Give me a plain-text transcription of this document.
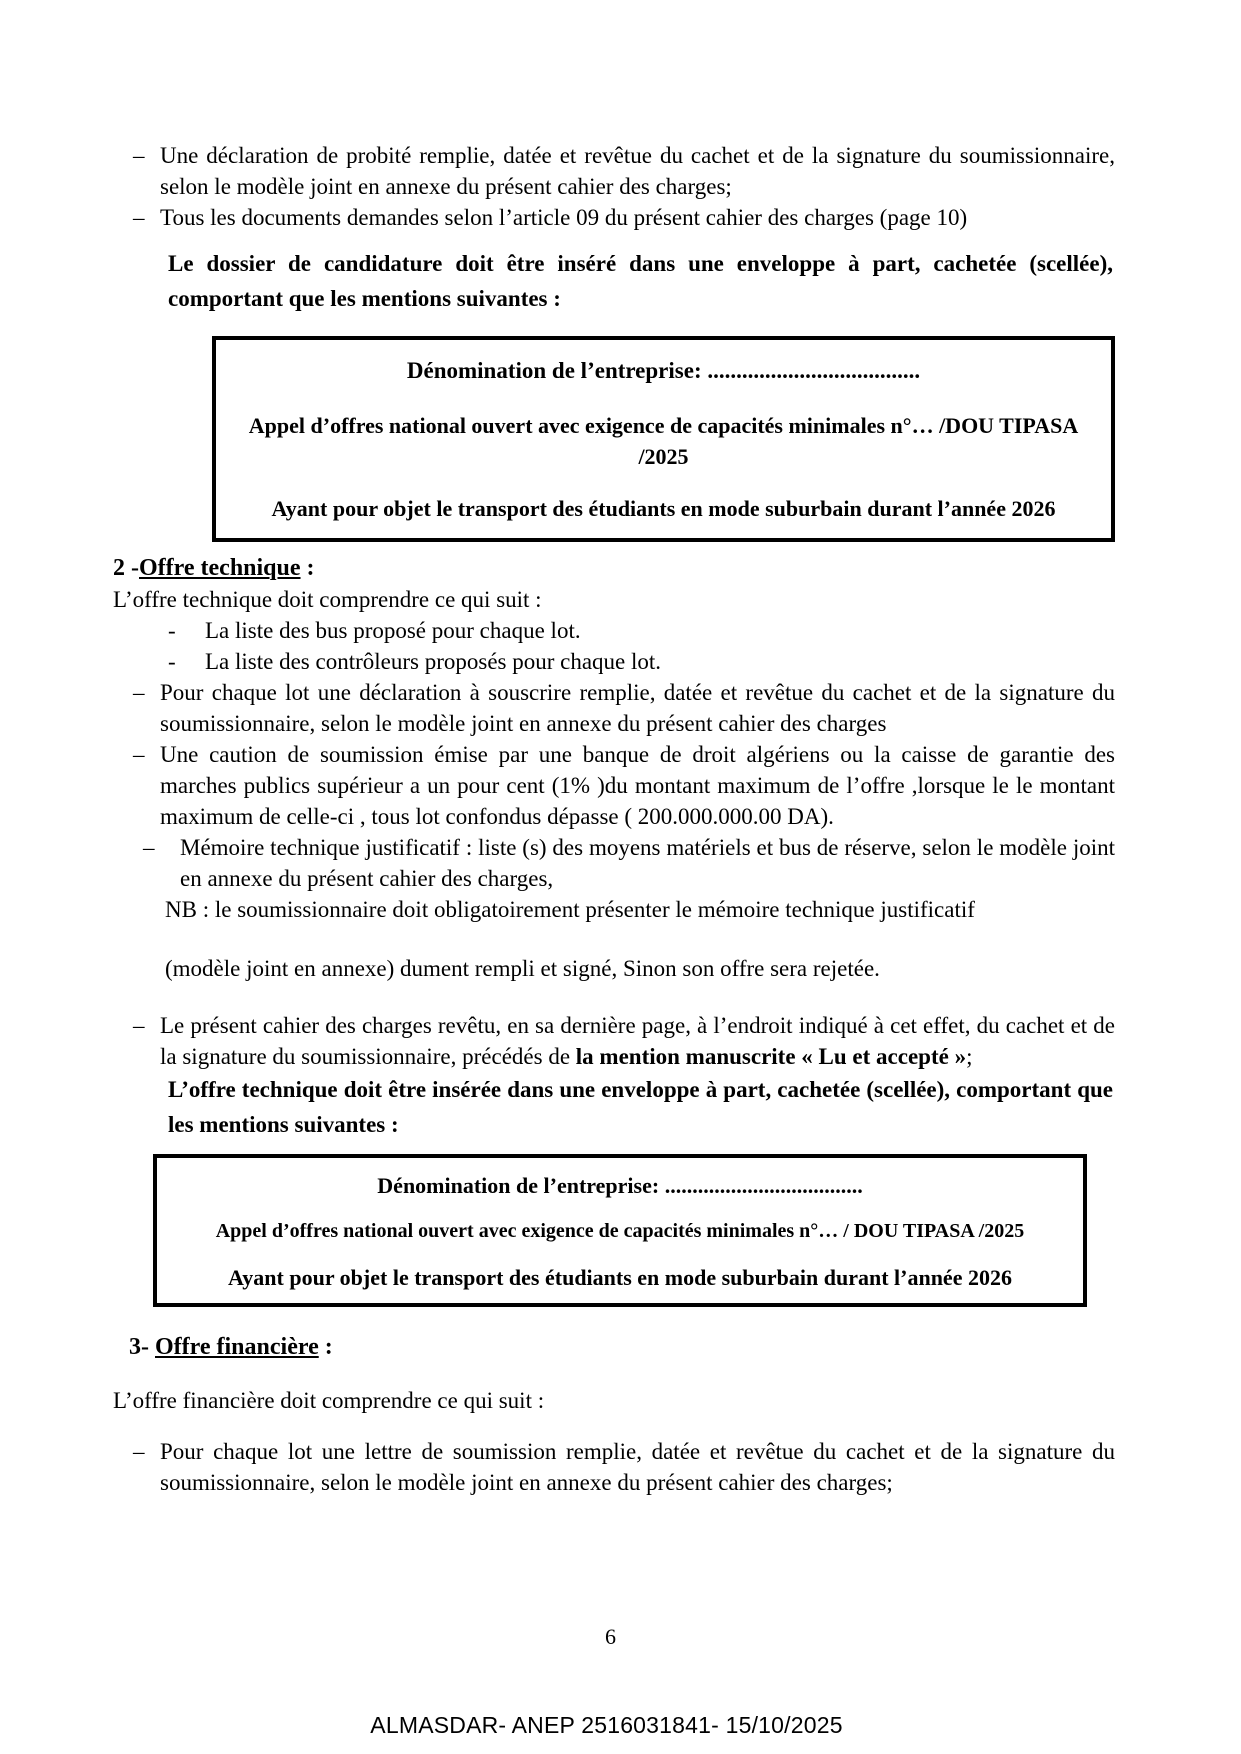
– Une déclaration de probité remplie, datée et revêtue du cachet et de la signature du soumissionnaire, selon le modèle joint en annexe du présent cahier des charges;
– Tous les documents demandes selon l’article 09 du présent cahier des charges (page 10)
Le dossier de candidature doit être inséré dans une enveloppe à part, cachetée (scellée), comportant que les mentions suivantes :
Dénomination de l’entreprise: .....................................
Appel d’offres national ouvert avec exigence de capacités minimales n°… /DOU TIPASA /2025
Ayant pour objet le transport des étudiants en mode suburbain durant l’année 2026
2 -Offre technique :
L’offre technique doit comprendre ce qui suit :
- La liste des bus proposé pour chaque lot.
- La liste des contrôleurs proposés pour chaque lot.
– Pour chaque lot une déclaration à souscrire remplie, datée et revêtue du cachet et de la signature du soumissionnaire, selon le modèle joint en annexe du présent cahier des charges
– Une caution de soumission émise par une banque de droit algériens ou la caisse de garantie des marches publics supérieur a un pour cent (1% )du montant maximum de l’offre ,lorsque le le montant maximum de celle-ci , tous lot confondus dépasse ( 200.000.000.00 DA).
– Mémoire technique justificatif : liste (s) des moyens matériels et bus de réserve, selon le modèle joint en annexe du présent cahier des charges,
NB : le soumissionnaire doit obligatoirement présenter le mémoire technique justificatif
(modèle joint en annexe) dument rempli et signé, Sinon son offre sera rejetée.
– Le présent cahier des charges revêtu, en sa dernière page, à l’endroit indiqué à cet effet, du cachet et de la signature du soumissionnaire, précédés de la mention manuscrite « Lu et accepté »;
L’offre technique doit être insérée dans une enveloppe à part, cachetée (scellée), comportant que les mentions suivantes :
Dénomination de l’entreprise: ....................................
Appel d’offres national ouvert avec exigence de capacités minimales n°… / DOU TIPASA /2025
Ayant pour objet le transport des étudiants en mode suburbain durant l’année 2026
3- Offre financière :
L’offre financière doit comprendre ce qui suit :
– Pour chaque lot une lettre de soumission remplie, datée et revêtue du cachet et de la signature du soumissionnaire, selon le modèle joint en annexe du présent cahier des charges;
6
ALMASDAR- ANEP 2516031841- 15/10/2025
